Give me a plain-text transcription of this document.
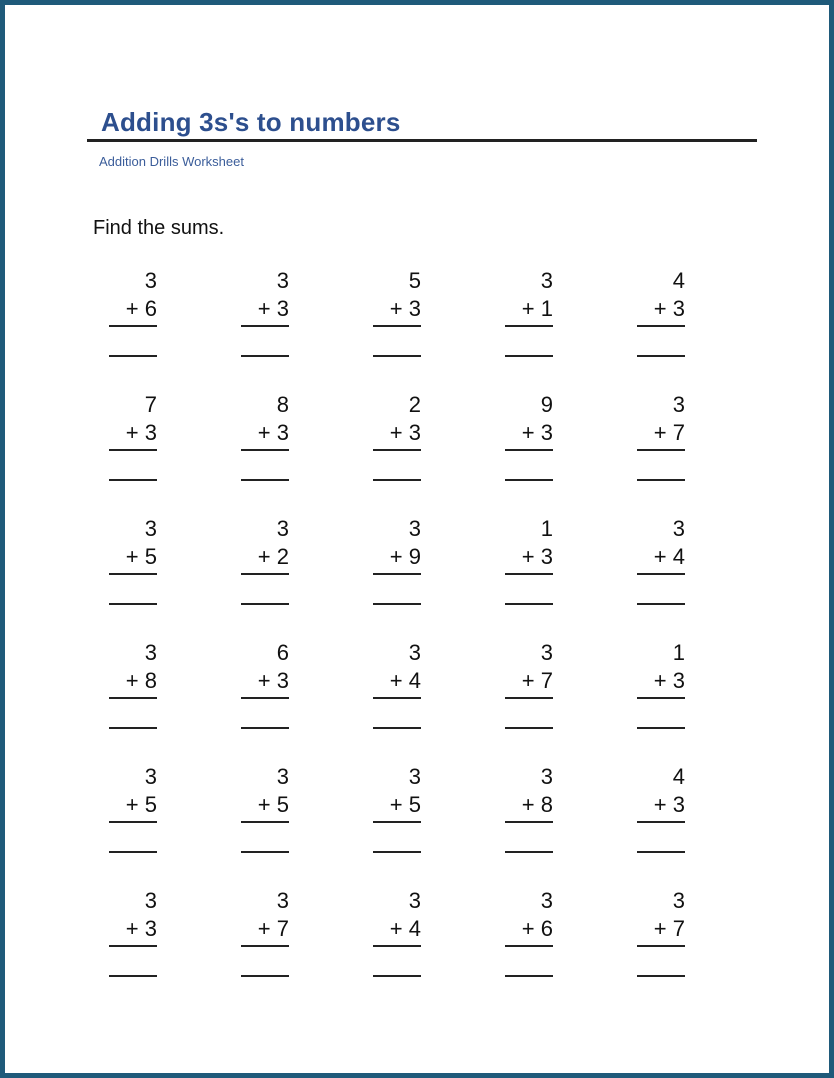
Adding 3s's to numbers
Addition Drills Worksheet
Find the sums.
3
+ 6
3
+ 3
5
+ 3
3
+ 1
4
+ 3
7
+ 3
8
+ 3
2
+ 3
9
+ 3
3
+ 7
3
+ 5
3
+ 2
3
+ 9
1
+ 3
3
+ 4
3
+ 8
6
+ 3
3
+ 4
3
+ 7
1
+ 3
3
+ 5
3
+ 5
3
+ 5
3
+ 8
4
+ 3
3
+ 3
3
+ 7
3
+ 4
3
+ 6
3
+ 7
